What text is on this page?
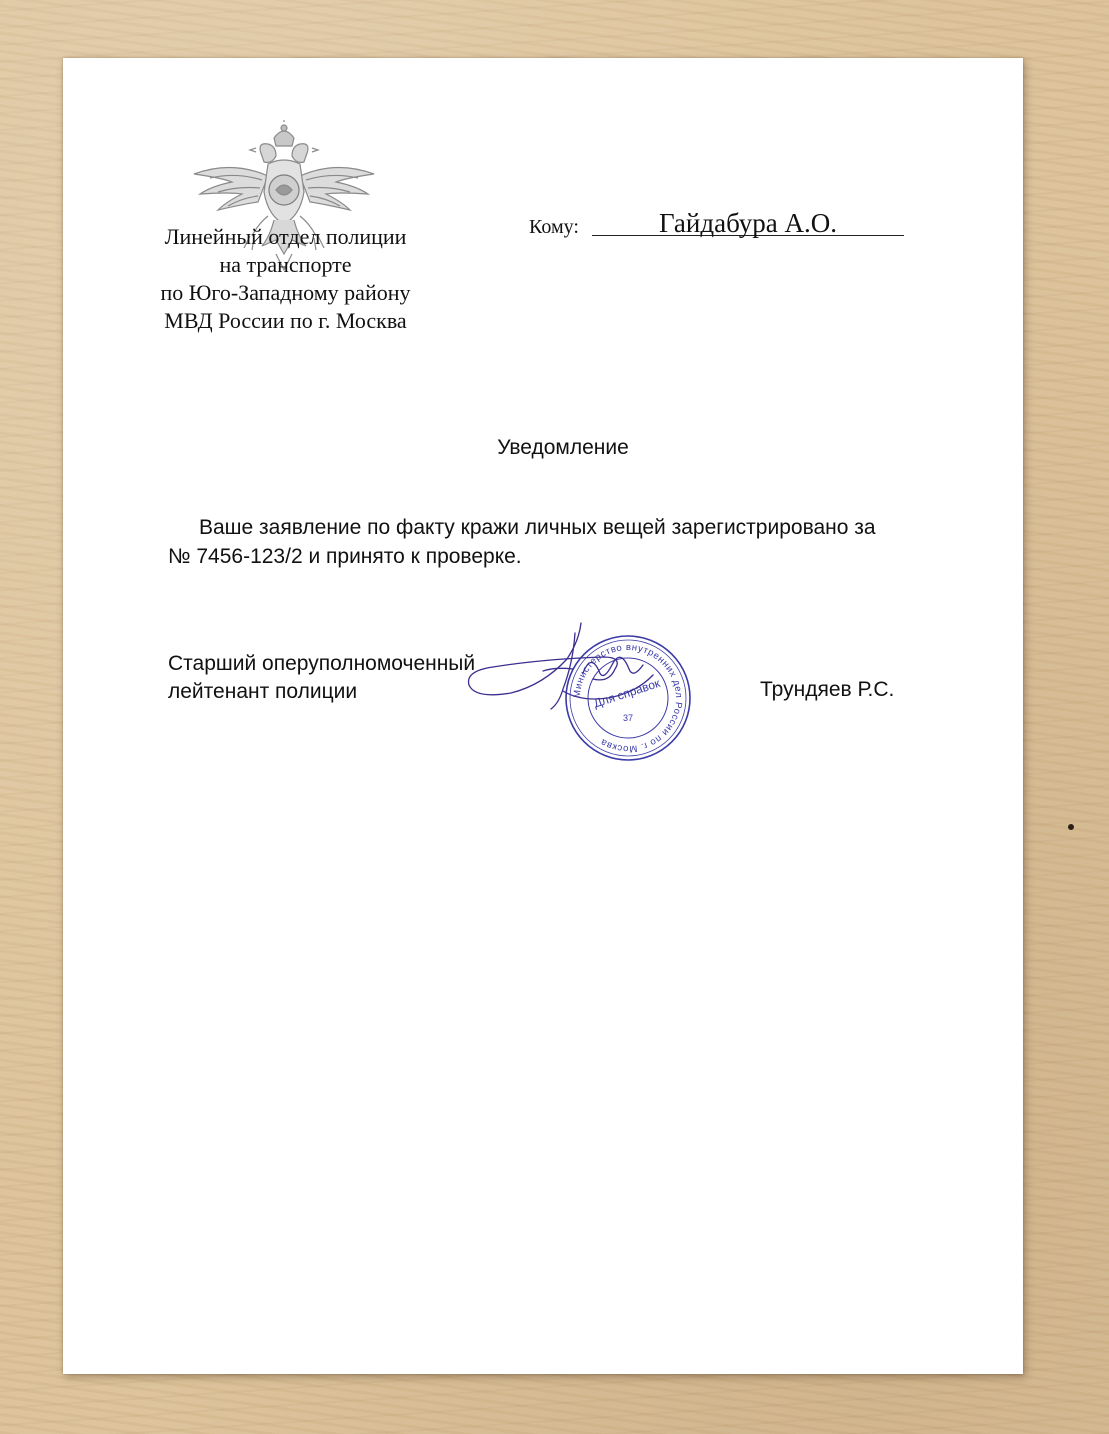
Линейный отдел полиции
на транспорте
по Юго-Западному району
МВД России по г. Москва
Кому:	Гайдабура А.О.
Уведомление
Ваше заявление по факту кражи личных вещей зарегистрировано за
№ 7456-123/2 и принято к проверке.
Старший оперуполномоченный
лейтенант полиции	Министерство внутренних дел России по г. Москва
Для справок
37
Трундяев Р.С.
